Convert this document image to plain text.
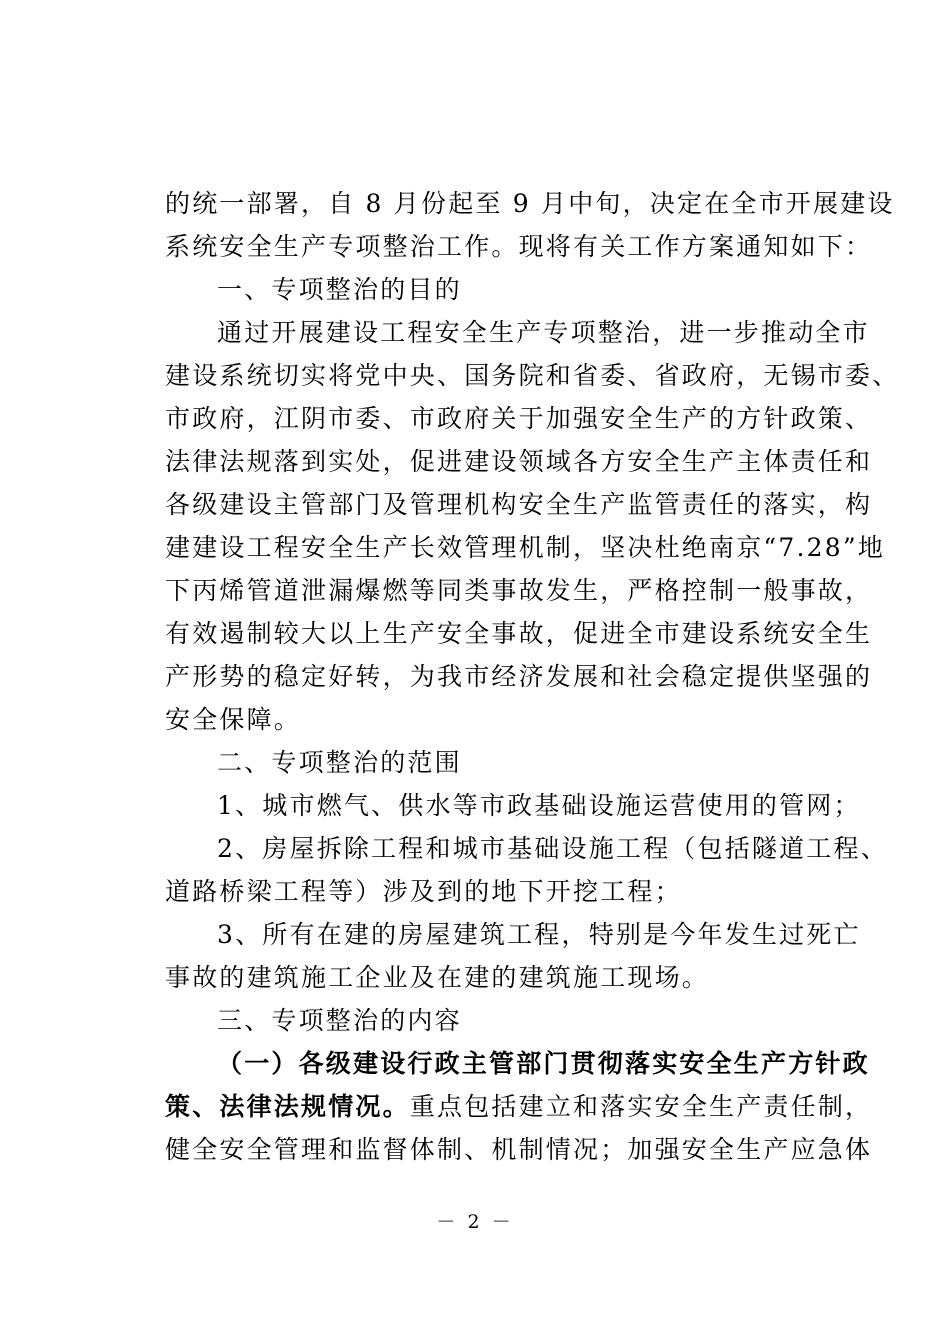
的统一部署，自 8 月份起至 9 月中旬，决定在全市开展建设
系统安全生产专项整治工作。现将有关工作方案通知如下：
一、专项整治的目的
通过开展建设工程安全生产专项整治，进一步推动全市
建设系统切实将党中央、国务院和省委、省政府，无锡市委、
市政府，江阴市委、市政府关于加强安全生产的方针政策、
法律法规落到实处，促进建设领域各方安全生产主体责任和
各级建设主管部门及管理机构安全生产监管责任的落实，构
建建设工程安全生产长效管理机制，坚决杜绝南京“7.28”地
下丙烯管道泄漏爆燃等同类事故发生，严格控制一般事故，
有效遏制较大以上生产安全事故，促进全市建设系统安全生
产形势的稳定好转，为我市经济发展和社会稳定提供坚强的
安全保障。
二、专项整治的范围
1、城市燃气、供水等市政基础设施运营使用的管网；
2、房屋拆除工程和城市基础设施工程（包括隧道工程、
道路桥梁工程等）涉及到的地下开挖工程；
3、所有在建的房屋建筑工程，特别是今年发生过死亡
事故的建筑施工企业及在建的建筑施工现场。
三、专项整治的内容
（一）各级建设行政主管部门贯彻落实安全生产方针政
策、法律法规情况。重点包括建立和落实安全生产责任制，
健全安全管理和监督体制、机制情况；加强安全生产应急体
－ 2 －
